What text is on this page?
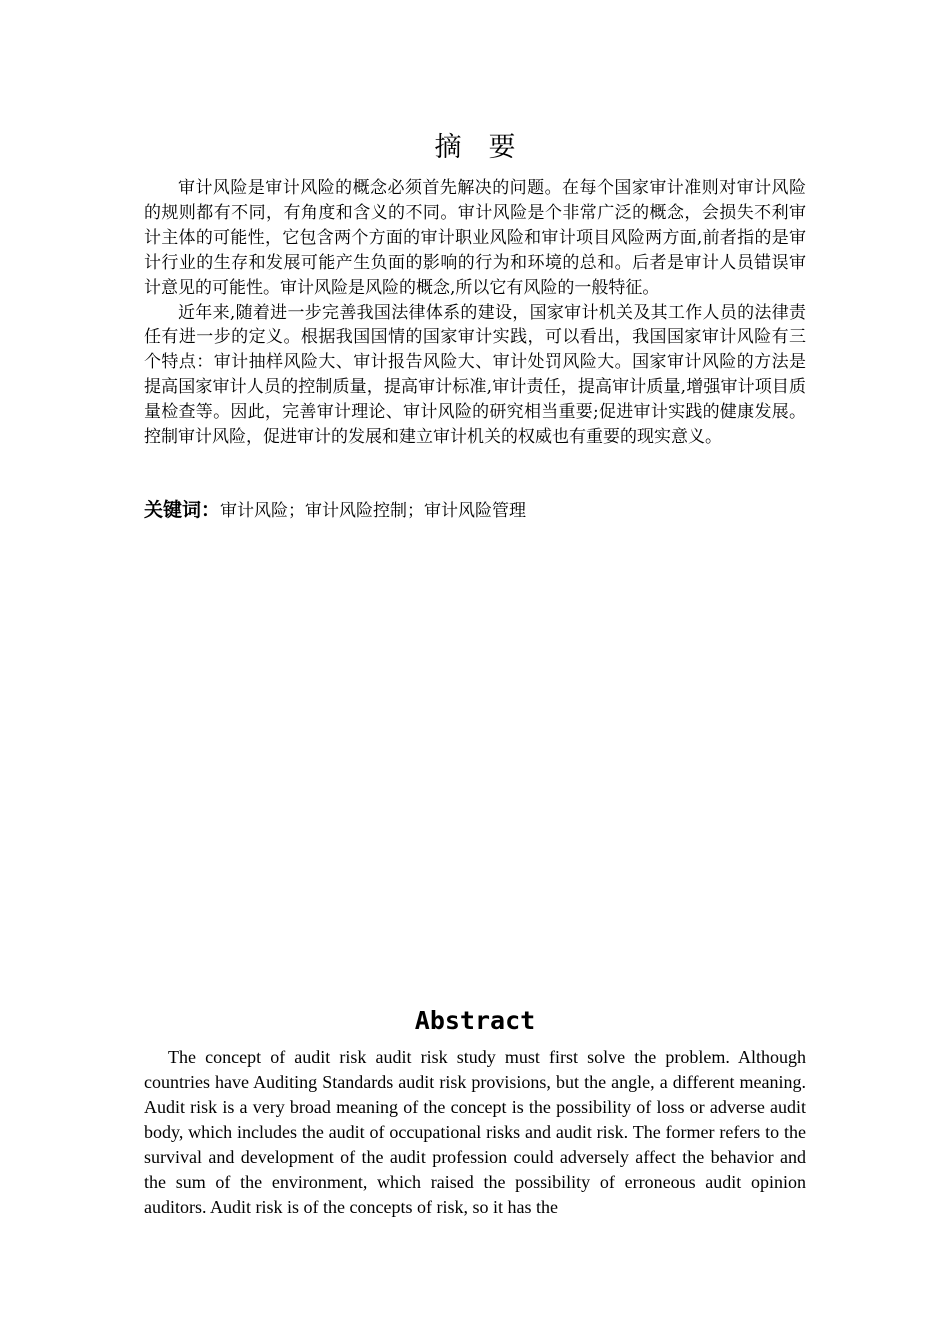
摘　要

审计风险是审计风险的概念必须首先解决的问题。在每个国家审计准则对审计风险的规则都有不同，有角度和含义的不同。审计风险是个非常广泛的概念，会损失不利审计主体的可能性，它包含两个方面的审计职业风险和审计项目风险两方面,前者指的是审计行业的生存和发展可能产生负面的影响的行为和环境的总和。后者是审计人员错误审计意见的可能性。审计风险是风险的概念,所以它有风险的一般特征。

近年来,随着进一步完善我国法律体系的建设，国家审计机关及其工作人员的法律责任有进一步的定义。根据我国国情的国家审计实践，可以看出，我国国家审计风险有三个特点：审计抽样风险大、审计报告风险大、审计处罚风险大。国家审计风险的方法是提高国家审计人员的控制质量，提高审计标准,审计责任，提高审计质量,增强审计项目质量检查等。因此，完善审计理论、审计风险的研究相当重要;促进审计实践的健康发展。控制审计风险，促进审计的发展和建立审计机关的权威也有重要的现实意义。

关键词：审计风险；审计风险控制；审计风险管理
Abstract

The concept of audit risk audit risk study must first solve the problem. Although countries have Auditing Standards audit risk provisions, but the angle, a different meaning. Audit risk is a very broad meaning of the concept is the possibility of loss or adverse audit body, which includes the audit of occupational risks and audit risk. The former refers to the survival and development of the audit profession could adversely affect the behavior and the sum of the environment, which raised the possibility of erroneous audit opinion auditors. Audit risk is of the concepts of risk, so it has the
